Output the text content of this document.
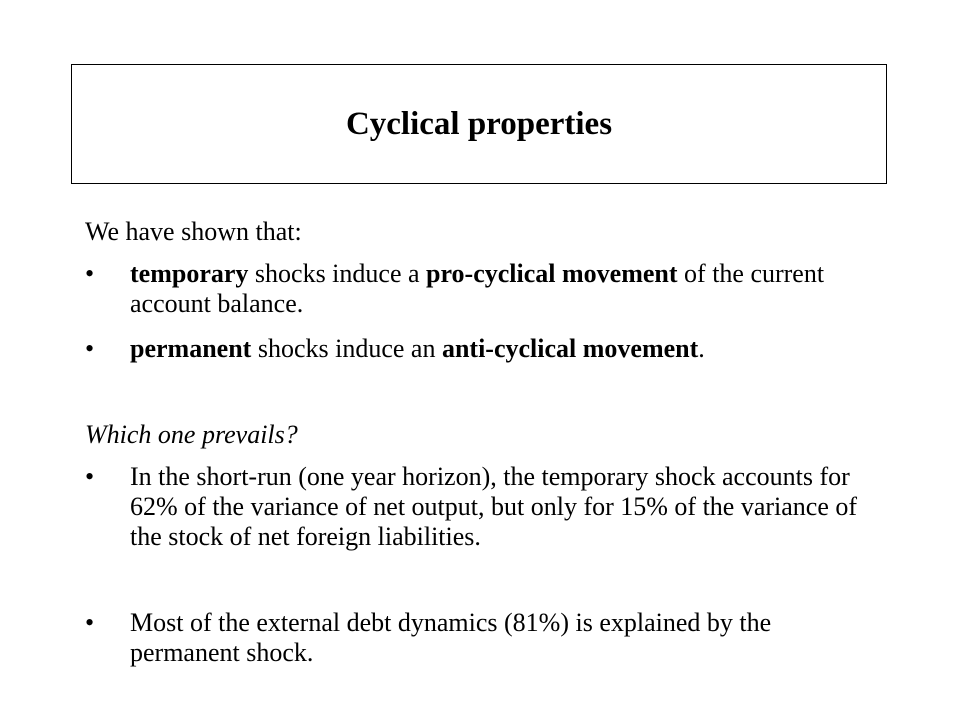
Cyclical properties
We have shown that:
• temporary shocks induce a pro-cyclical movement of the current account balance.
• permanent shocks induce an anti-cyclical movement.
Which one prevails?
• In the short-run (one year horizon), the temporary shock accounts for 62% of the variance of net output, but only for 15% of the variance of the stock of net foreign liabilities.
• Most of the external debt dynamics (81%) is explained by the permanent shock.
